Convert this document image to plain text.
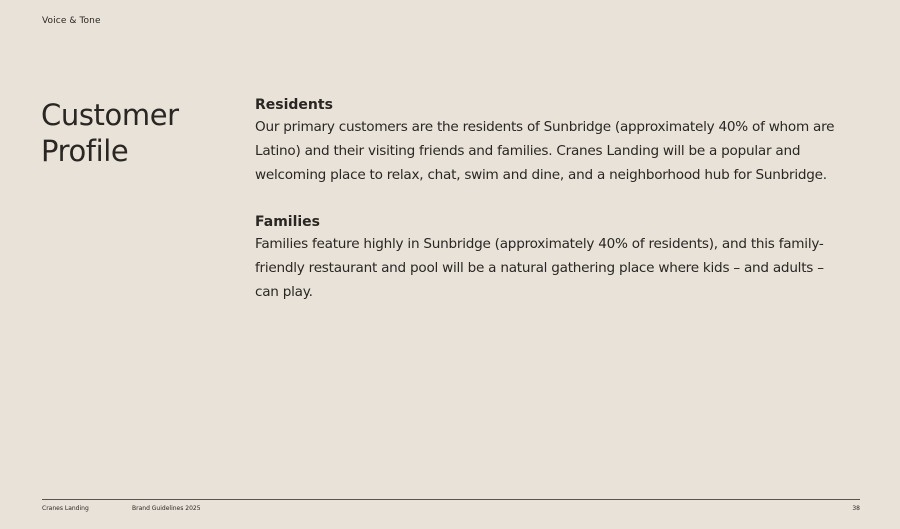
Voice & Tone
Customer
Profile

Residents

Our primary customers are the residents of Sunbridge (approximately 40% of whom are Latino) and their visiting friends and families. Cranes Landing will be a popular and welcoming place to relax, chat, swim and dine, and a neighborhood hub for Sunbridge.

Families

Families feature highly in Sunbridge (approximately 40% of residents), and this family-friendly restaurant and pool will be a natural gathering place where kids – and adults – can play.

Cranes Landing	Brand Guidelines 2025	38
